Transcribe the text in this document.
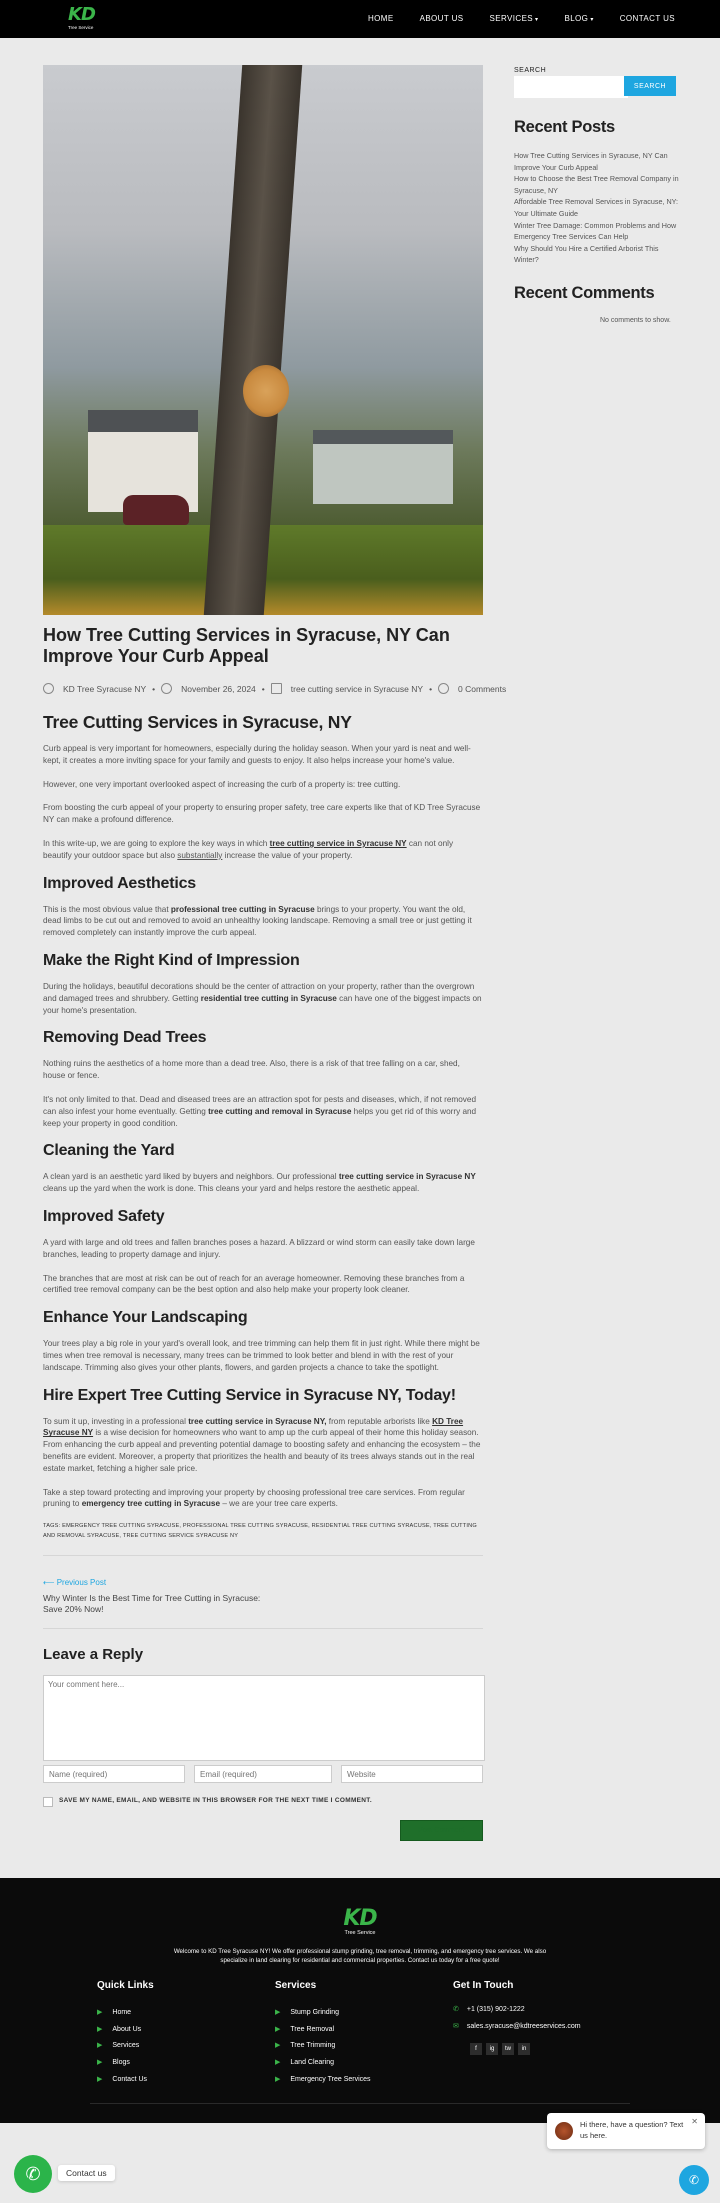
KD
Tree Service
HOME	ABOUT US	SERVICES ▾	BLOG ▾	CONTACT US
How Tree Cutting Services in Syracuse, NY Can Improve Your Curb Appeal
KD Tree Syracuse NY •	November 26, 2024 •	tree cutting service in Syracuse NY •	0 Comments
Tree Cutting Services in Syracuse, NY

Curb appeal is very important for homeowners, especially during the holiday season. When your yard is neat and well-kept, it creates a more inviting space for your family and guests to enjoy. It also helps increase your home's value.

However, one very important overlooked aspect of increasing the curb of a property is: tree cutting.

From boosting the curb appeal of your property to ensuring proper safety, tree care experts like that of KD Tree Syracuse NY can make a profound difference.

In this write-up, we are going to explore the key ways in which tree cutting service in Syracuse NY can not only beautify your outdoor space but also substantially increase the value of your property.

Improved Aesthetics

This is the most obvious value that professional tree cutting in Syracuse brings to your property. You want the old, dead limbs to be cut out and removed to avoid an unhealthy looking landscape. Removing a small tree or just getting it removed completely can instantly improve the curb appeal.

Make the Right Kind of Impression

During the holidays, beautiful decorations should be the center of attraction on your property, rather than the overgrown and damaged trees and shrubbery. Getting residential tree cutting in Syracuse can have one of the biggest impacts on your home's presentation.

Removing Dead Trees

Nothing ruins the aesthetics of a home more than a dead tree. Also, there is a risk of that tree falling on a car, shed, house or fence.

It's not only limited to that. Dead and diseased trees are an attraction spot for pests and diseases, which, if not removed can also infest your home eventually. Getting tree cutting and removal in Syracuse helps you get rid of this worry and keep your property in good condition.

Cleaning the Yard

A clean yard is an aesthetic yard liked by buyers and neighbors. Our professional tree cutting service in Syracuse NY cleans up the yard when the work is done. This cleans your yard and helps restore the aesthetic appeal.

Improved Safety

A yard with large and old trees and fallen branches poses a hazard. A blizzard or wind storm can easily take down large branches, leading to property damage and injury.

The branches that are most at risk can be out of reach for an average homeowner. Removing these branches from a certified tree removal company can be the best option and also help make your property look cleaner.

Enhance Your Landscaping

Your trees play a big role in your yard's overall look, and tree trimming can help them fit in just right. While there might be times when tree removal is necessary, many trees can be trimmed to look better and blend in with the rest of your landscape. Trimming also gives your other plants, flowers, and garden projects a chance to take the spotlight.

Hire Expert Tree Cutting Service in Syracuse NY, Today!

To sum it up, investing in a professional tree cutting service in Syracuse NY, from reputable arborists like KD Tree Syracuse NY is a wise decision for homeowners who want to amp up the curb appeal of their home this holiday season. From enhancing the curb appeal and preventing potential damage to boosting safety and enhancing the ecosystem – the benefits are evident. Moreover, a property that prioritizes the health and beauty of its trees always stands out in the real estate market, fetching a higher sale price.

Take a step toward protecting and improving your property by choosing professional tree care services. From regular pruning to emergency tree cutting in Syracuse – we are your tree care experts.

TAGS: EMERGENCY TREE CUTTING SYRACUSE, PROFESSIONAL TREE CUTTING SYRACUSE, RESIDENTIAL TREE CUTTING SYRACUSE, TREE CUTTING AND REMOVAL SYRACUSE, TREE CUTTING SERVICE SYRACUSE NY
⟵ Previous Post
Why Winter Is the Best Time for Tree Cutting in Syracuse: Save 20% Now!
Leave a Reply
Your comment here...
Name (required)
Email (required)
Website
SAVE MY NAME, EMAIL, AND WEBSITE IN THIS BROWSER FOR THE NEXT TIME I COMMENT.
Post Comment
SEARCH
SEARCH
Recent Posts
How Tree Cutting Services in Syracuse, NY Can Improve Your Curb Appeal
How to Choose the Best Tree Removal Company in Syracuse, NY
Affordable Tree Removal Services in Syracuse, NY: Your Ultimate Guide
Winter Tree Damage: Common Problems and How Emergency Tree Services Can Help
Why Should You Hire a Certified Arborist This Winter?
Recent Comments
No comments to show.
KD
Tree Service
Welcome to KD Tree Syracuse NY! We offer professional stump grinding, tree removal, trimming, and emergency tree services. We also specialize in land clearing for residential and commercial properties. Contact us today for a free quote!
Quick Links
▶ Home
▶ About Us
▶ Services
▶ Blogs
▶ Contact Us
Services
▶ Stump Grinding
▶ Tree Removal
▶ Tree Trimming
▶ Land Clearing
▶ Emergency Tree Services
Get In Touch
✆ +1 (315) 902-1222
✉ sales.syracuse@kdtreeservices.com
f	ig	tw	in
Hi there, have a question? Text us here.
✕
✆
✆	Contact us
